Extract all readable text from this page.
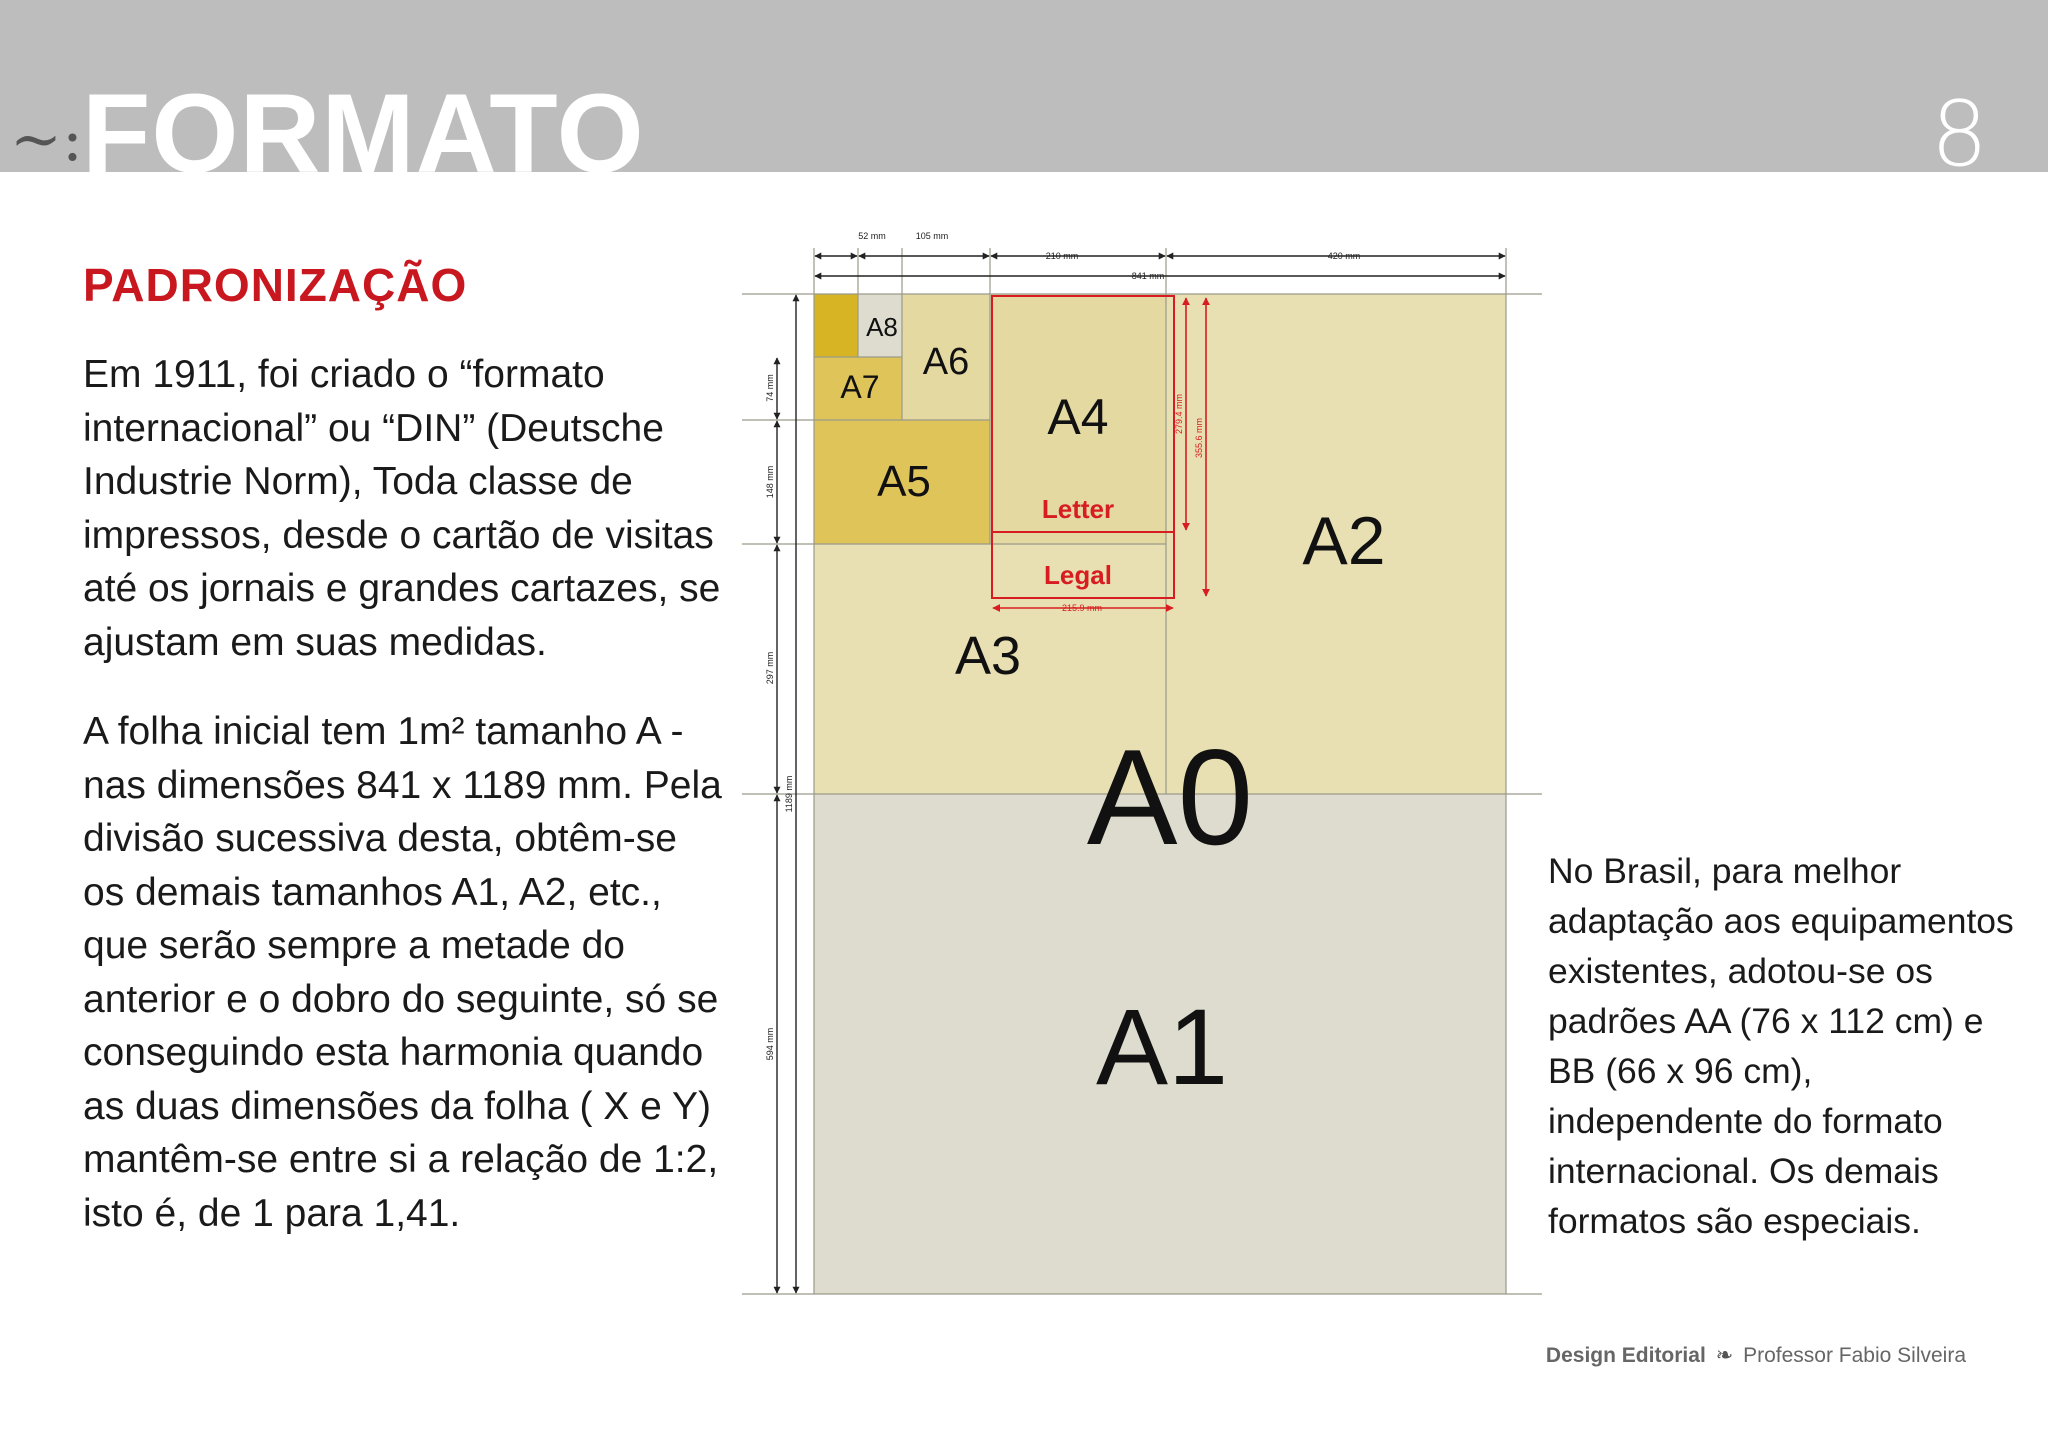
~: FORMATO	8
PADRONIZAÇÃO

Em 1911, foi criado o “formato internacional” ou “DIN” (Deutsche Industrie Norm), Toda classe de impressos, desde o cartão de visitas até os jornais e grandes cartazes, se ajustam em suas medidas.

A folha inicial tem 1m² tamanho A - nas dimensões 841 x 1189 mm. Pela divisão sucessiva desta, obtêm-se os demais tamanhos A1, A2, etc., que serão sempre a metade do anterior e o dobro do seguinte, só se conseguindo esta harmonia quando as duas dimensões da folha ( X e Y) mantêm-se entre si a relação de 1:2, isto é, de 1 para 1,41.

52 mm	105 mm
210 mm	420 mm
841 mm
74 mm
148 mm
297 mm
594 mm
1189 mm
215.9 mm
279.4 mm
355.6 mm
A8
A7
A6
A5
A4
A3
A2
A0
A1
Letter
Legal

No Brasil, para melhor adaptação aos equipamentos existentes, adotou-se os padrões AA (76 x 112 cm) e BB (66 x 96 cm), independente do formato internacional. Os demais formatos são especiais.

Design Editorial ❧ Professor Fabio Silveira
